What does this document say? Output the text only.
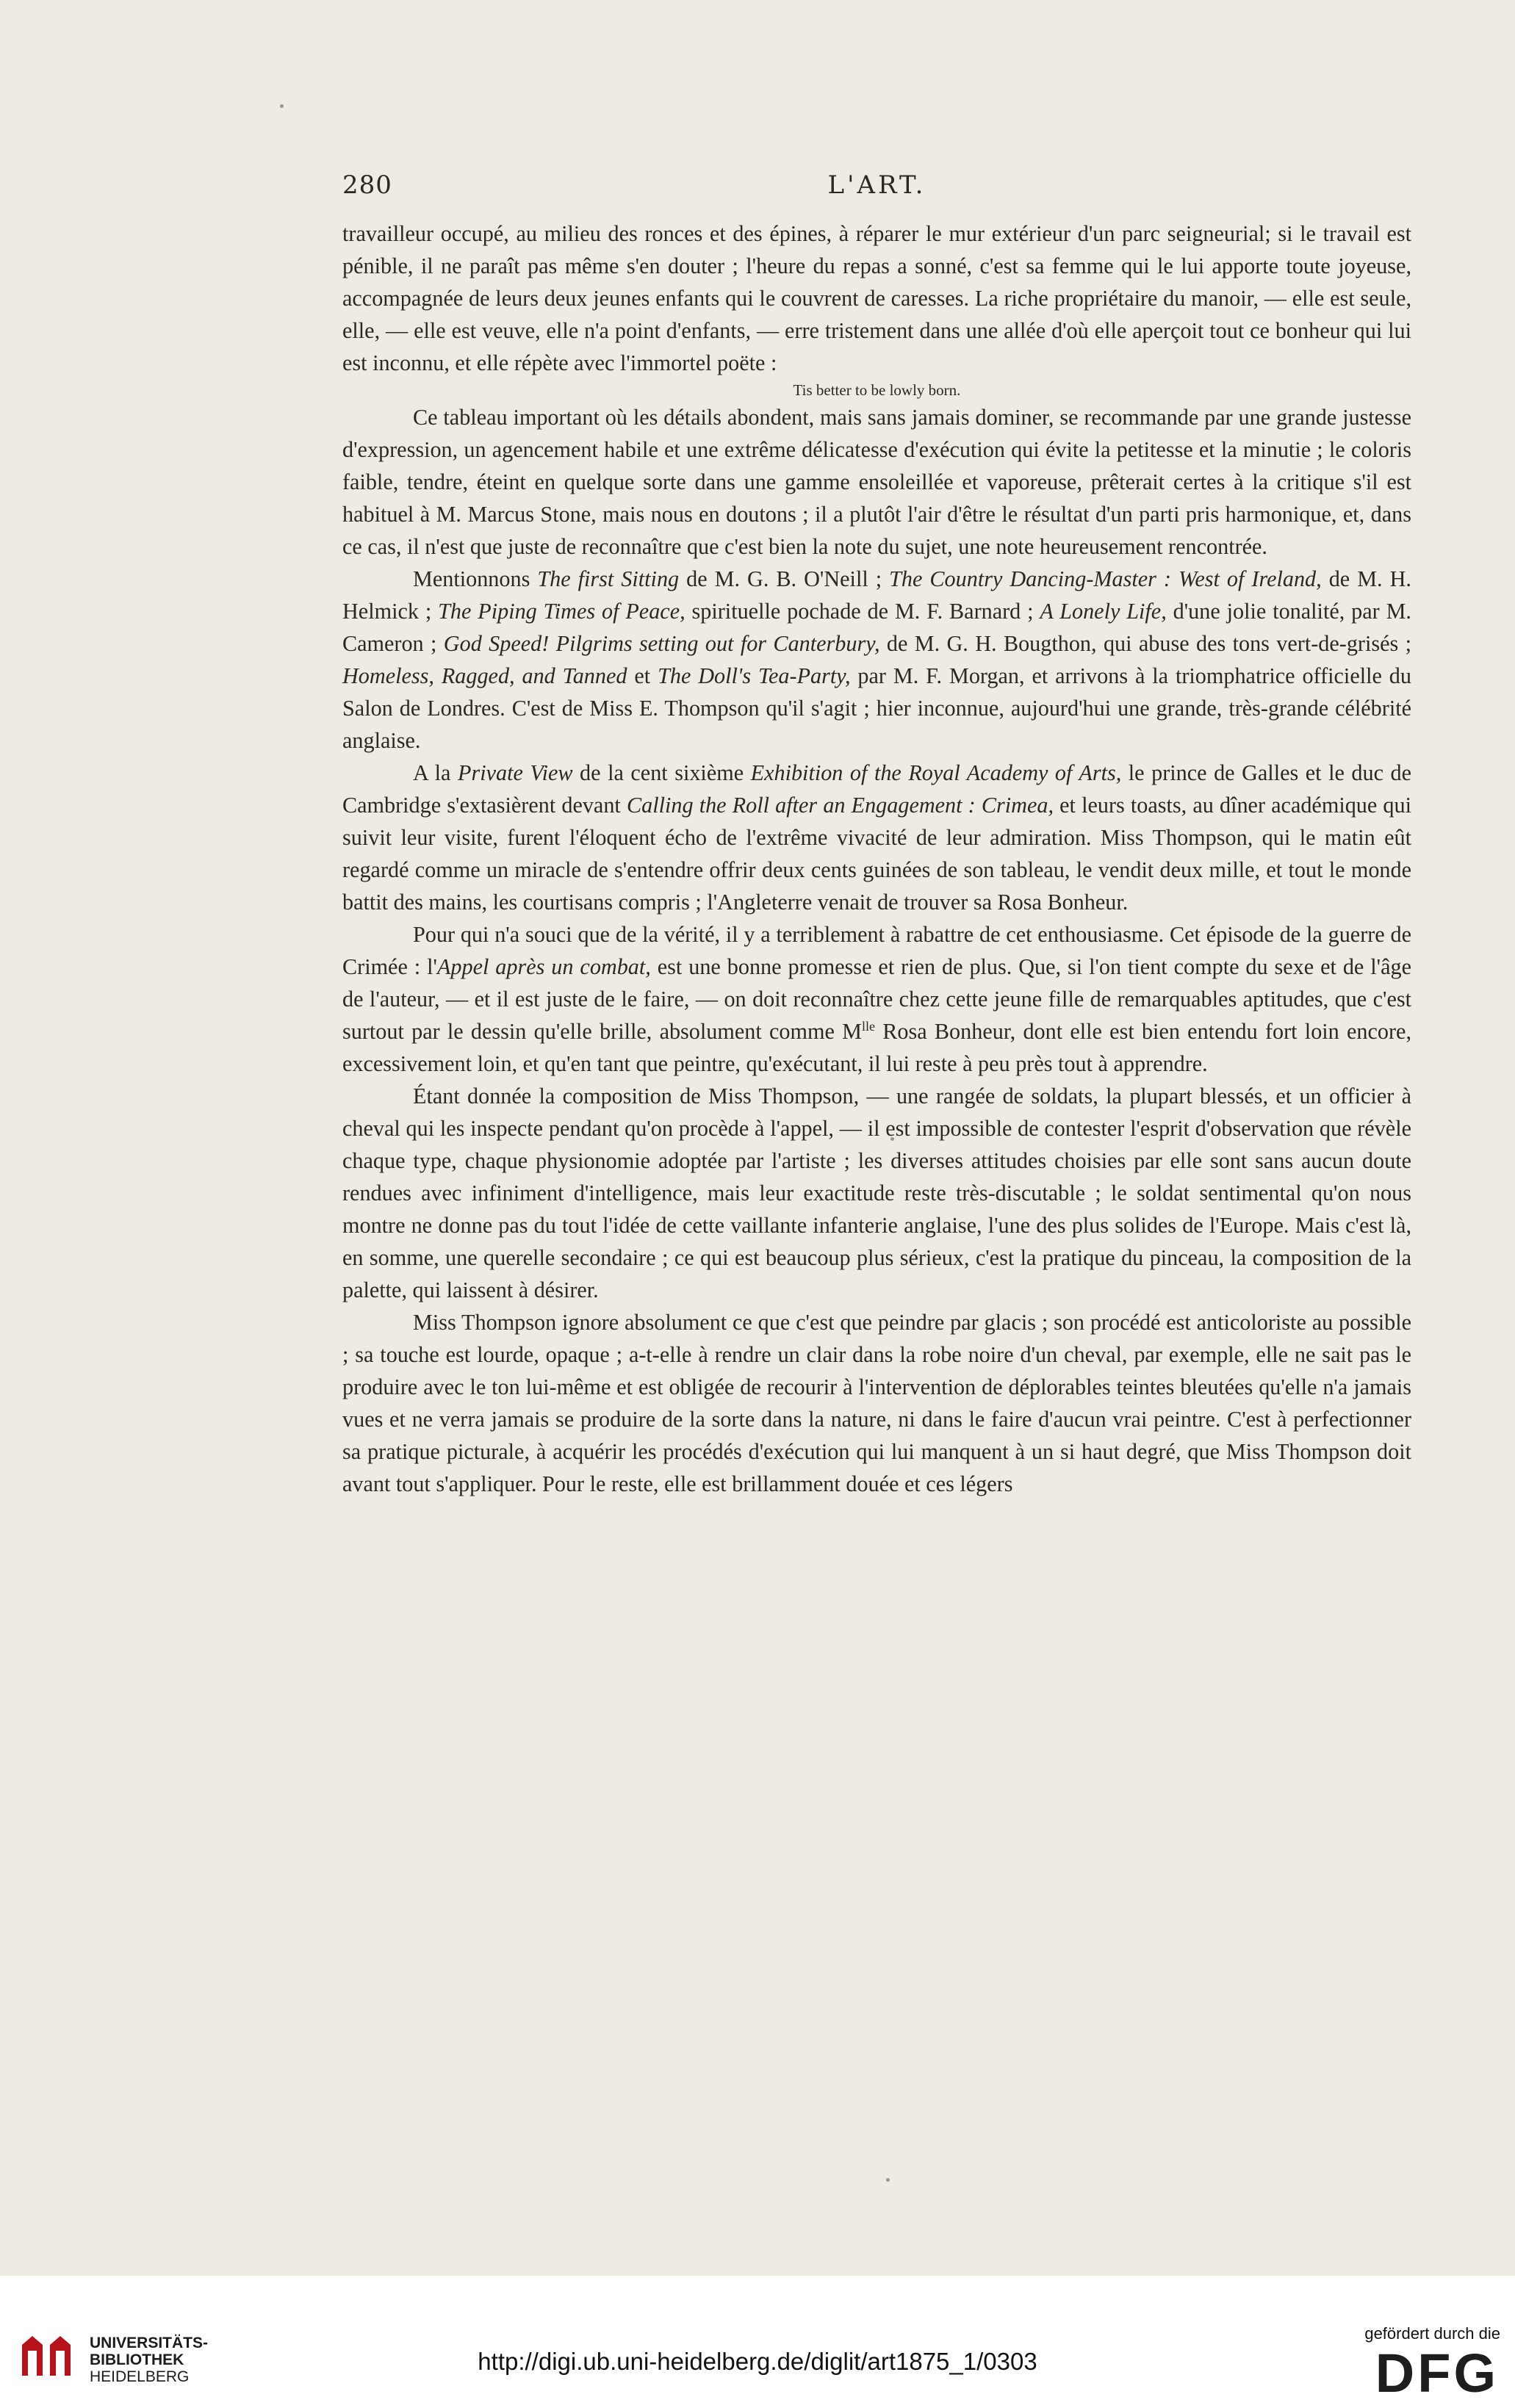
280	L'ART.

travailleur occupé, au milieu des ronces et des épines, à réparer le mur extérieur d'un parc seigneurial; si le travail est pénible, il ne paraît pas même s'en douter ; l'heure du repas a sonné, c'est sa femme qui le lui apporte toute joyeuse, accompagnée de leurs deux jeunes enfants qui le couvrent de caresses. La riche propriétaire du manoir, — elle est seule, elle, — elle est veuve, elle n'a point d'enfants, — erre tristement dans une allée d'où elle aperçoit tout ce bonheur qui lui est inconnu, et elle répète avec l'immortel poëte :

Tis better to be lowly born.

Ce tableau important où les détails abondent, mais sans jamais dominer, se recommande par une grande justesse d'expression, un agencement habile et une extrême délicatesse d'exécution qui évite la petitesse et la minutie ; le coloris faible, tendre, éteint en quelque sorte dans une gamme ensoleillée et vaporeuse, prêterait certes à la critique s'il est habituel à M. Marcus Stone, mais nous en doutons ; il a plutôt l'air d'être le résultat d'un parti pris harmonique, et, dans ce cas, il n'est que juste de reconnaître que c'est bien la note du sujet, une note heureusement rencontrée.

Mentionnons The first Sitting de M. G. B. O'Neill ; The Country Dancing-Master : West of Ireland, de M. H. Helmick ; The Piping Times of Peace, spirituelle pochade de M. F. Barnard ; A Lonely Life, d'une jolie tonalité, par M. Cameron ; God Speed! Pilgrims setting out for Canterbury, de M. G. H. Bougthon, qui abuse des tons vert-de-grisés ; Homeless, Ragged, and Tanned et The Doll's Tea-Party, par M. F. Morgan, et arrivons à la triomphatrice officielle du Salon de Londres. C'est de Miss E. Thompson qu'il s'agit ; hier inconnue, aujourd'hui une grande, très-grande célébrité anglaise.

A la Private View de la cent sixième Exhibition of the Royal Academy of Arts, le prince de Galles et le duc de Cambridge s'extasièrent devant Calling the Roll after an Engagement : Crimea, et leurs toasts, au dîner académique qui suivit leur visite, furent l'éloquent écho de l'extrême vivacité de leur admiration. Miss Thompson, qui le matin eût regardé comme un miracle de s'entendre offrir deux cents guinées de son tableau, le vendit deux mille, et tout le monde battit des mains, les courtisans compris ; l'Angleterre venait de trouver sa Rosa Bonheur.

Pour qui n'a souci que de la vérité, il y a terriblement à rabattre de cet enthousiasme. Cet épisode de la guerre de Crimée : l'Appel après un combat, est une bonne promesse et rien de plus. Que, si l'on tient compte du sexe et de l'âge de l'auteur, — et il est juste de le faire, — on doit reconnaître chez cette jeune fille de remarquables aptitudes, que c'est surtout par le dessin qu'elle brille, absolument comme $M^{lle}$ Rosa Bonheur, dont elle est bien entendu fort loin encore, excessivement loin, et qu'en tant que peintre, qu'exécutant, il lui reste à peu près tout à apprendre.

Étant donnée la composition de Miss Thompson, — une rangée de soldats, la plupart blessés, et un officier à cheval qui les inspecte pendant qu'on procède à l'appel, — il est impossible de contester l'esprit d'observation que révèle chaque type, chaque physionomie adoptée par l'artiste ; les diverses attitudes choisies par elle sont sans aucun doute rendues avec infiniment d'intelligence, mais leur exactitude reste très-discutable ; le soldat sentimental qu'on nous montre ne donne pas du tout l'idée de cette vaillante infanterie anglaise, l'une des plus solides de l'Europe. Mais c'est là, en somme, une querelle secondaire ; ce qui est beaucoup plus sérieux, c'est la pratique du pinceau, la composition de la palette, qui laissent à désirer.

Miss Thompson ignore absolument ce que c'est que peindre par glacis ; son procédé est anticoloriste au possible ; sa touche est lourde, opaque ; a-t-elle à rendre un clair dans la robe noire d'un cheval, par exemple, elle ne sait pas le produire avec le ton lui-même et est obligée de recourir à l'intervention de déplorables teintes bleutées qu'elle n'a jamais vues et ne verra jamais se produire de la sorte dans la nature, ni dans le faire d'aucun vrai peintre. C'est à perfectionner sa pratique picturale, à acquérir les procédés d'exécution qui lui manquent à un si haut degré, que Miss Thompson doit avant tout s'appliquer. Pour le reste, elle est brillamment douée et ces légers

UNIVERSITÄTS-
BIBLIOTHEK
HEIDELBERG
http://digi.ub.uni-heidelberg.de/diglit/art1875_1/0303
gefördert durch die
DFG
